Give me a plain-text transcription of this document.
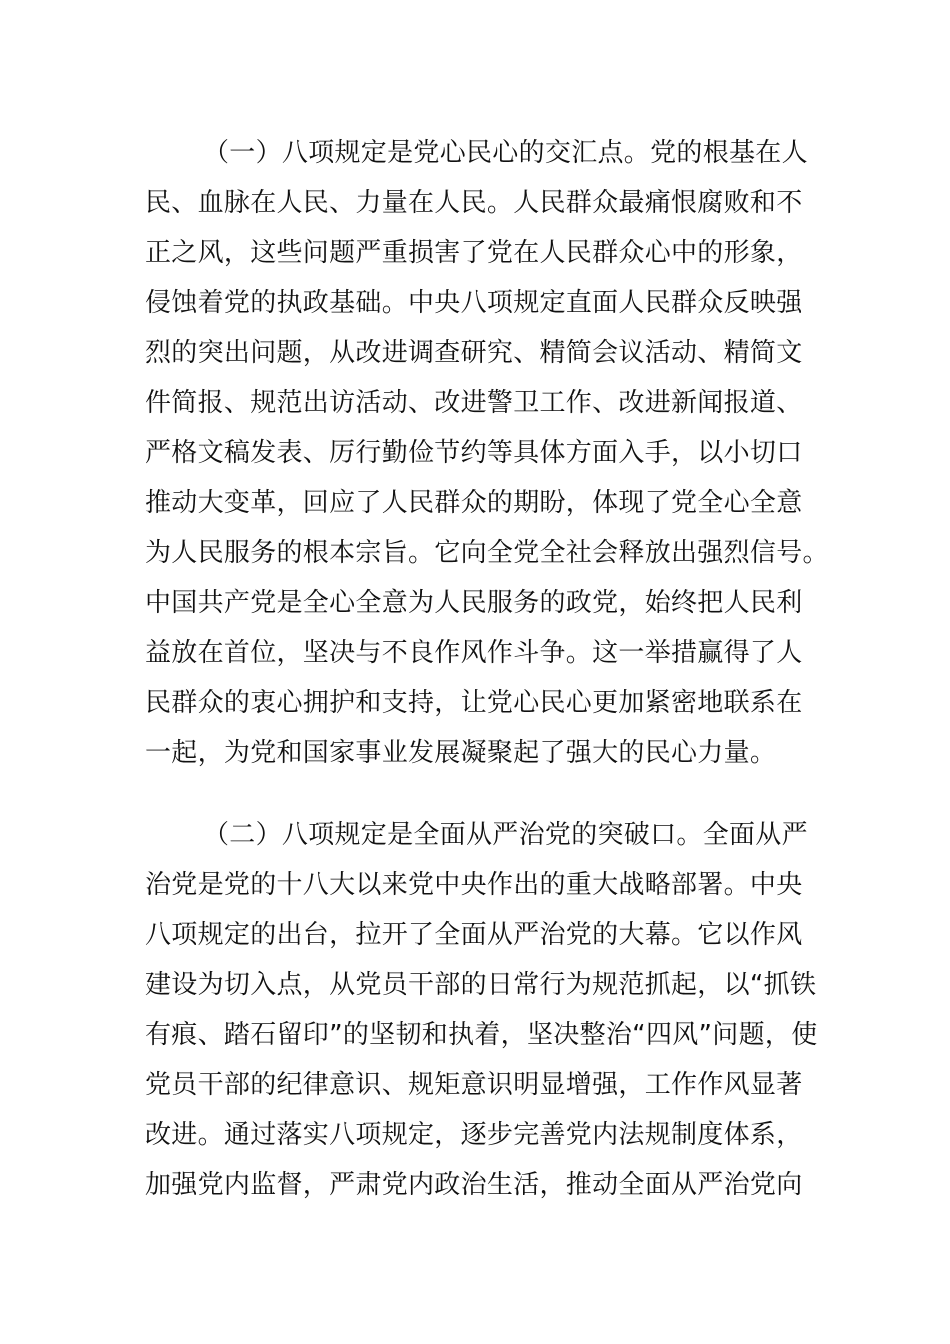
（一）八项规定是党心民心的交汇点。党的根基在人
民、血脉在人民、力量在人民。人民群众最痛恨腐败和不
正之风，这些问题严重损害了党在人民群众心中的形象，
侵蚀着党的执政基础。中央八项规定直面人民群众反映强
烈的突出问题，从改进调查研究、精简会议活动、精简文
件简报、规范出访活动、改进警卫工作、改进新闻报道、
严格文稿发表、厉行勤俭节约等具体方面入手，以小切口
推动大变革，回应了人民群众的期盼，体现了党全心全意
为人民服务的根本宗旨。它向全党全社会释放出强烈信号。
中国共产党是全心全意为人民服务的政党，始终把人民利
益放在首位，坚决与不良作风作斗争。这一举措赢得了人
民群众的衷心拥护和支持，让党心民心更加紧密地联系在
一起，为党和国家事业发展凝聚起了强大的民心力量。
（二）八项规定是全面从严治党的突破口。全面从严
治党是党的十八大以来党中央作出的重大战略部署。中央
八项规定的出台，拉开了全面从严治党的大幕。它以作风
建设为切入点，从党员干部的日常行为规范抓起，以“抓铁
有痕、踏石留印”的坚韧和执着，坚决整治“四风”问题，使
党员干部的纪律意识、规矩意识明显增强，工作作风显著
改进。通过落实八项规定，逐步完善党内法规制度体系，
加强党内监督，严肃党内政治生活，推动全面从严治党向
